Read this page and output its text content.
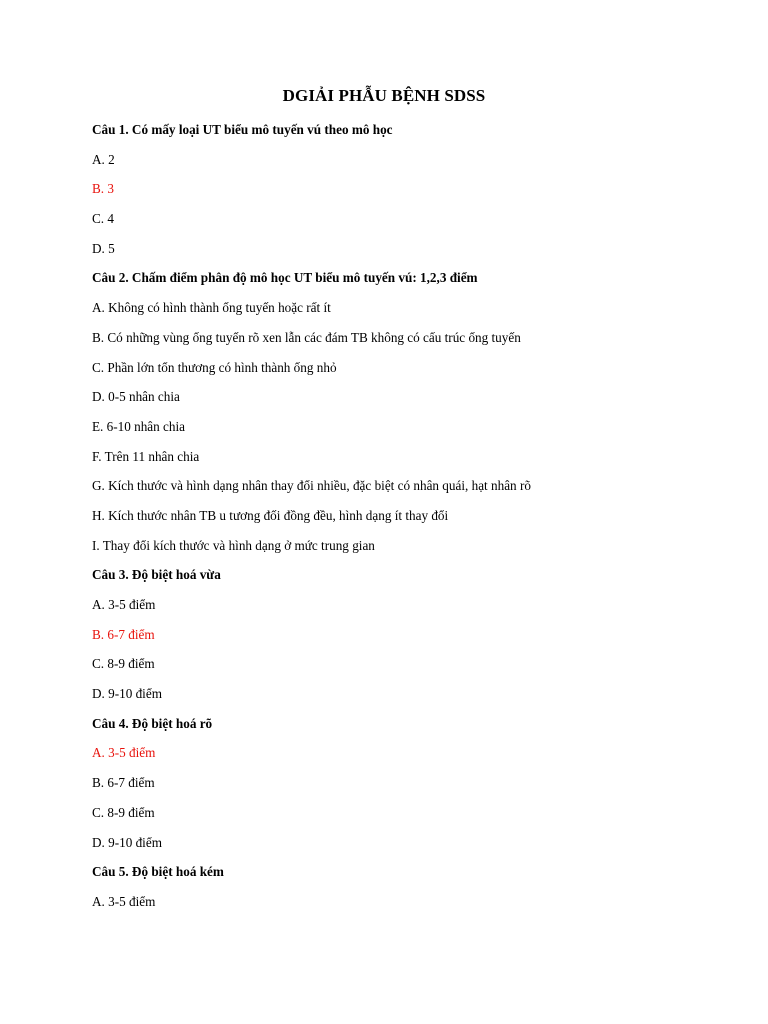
DGIẢI PHẪU BỆNH SDSS
Câu 1. Có mấy loại UT biểu mô tuyến vú theo mô học
A. 2
B. 3
C. 4
D. 5
Câu 2. Chấm điểm phân độ mô học UT biểu mô tuyến vú: 1,2,3 điểm
A. Không có hình thành ống tuyến hoặc rất ít
B. Có những vùng ống tuyến rõ xen lẫn các đám TB không có cấu trúc ống tuyến
C. Phần lớn tổn thương có hình thành ống nhỏ
D. 0-5 nhân chia
E. 6-10 nhân chia
F. Trên 11 nhân chia
G. Kích thước và hình dạng nhân thay đổi nhiều, đặc biệt có nhân quái, hạt nhân rõ
H. Kích thước nhân TB u tương đối đồng đều, hình dạng ít thay đổi
I. Thay đổi kích thước và hình dạng ở mức trung gian
Câu 3. Độ biệt hoá vừa
A. 3-5 điểm
B. 6-7 điểm
C. 8-9 điểm
D. 9-10 điểm
Câu 4. Độ biệt hoá rõ
A. 3-5 điểm
B. 6-7 điểm
C. 8-9 điểm
D. 9-10 điểm
Câu 5. Độ biệt hoá kém
A. 3-5 điểm
